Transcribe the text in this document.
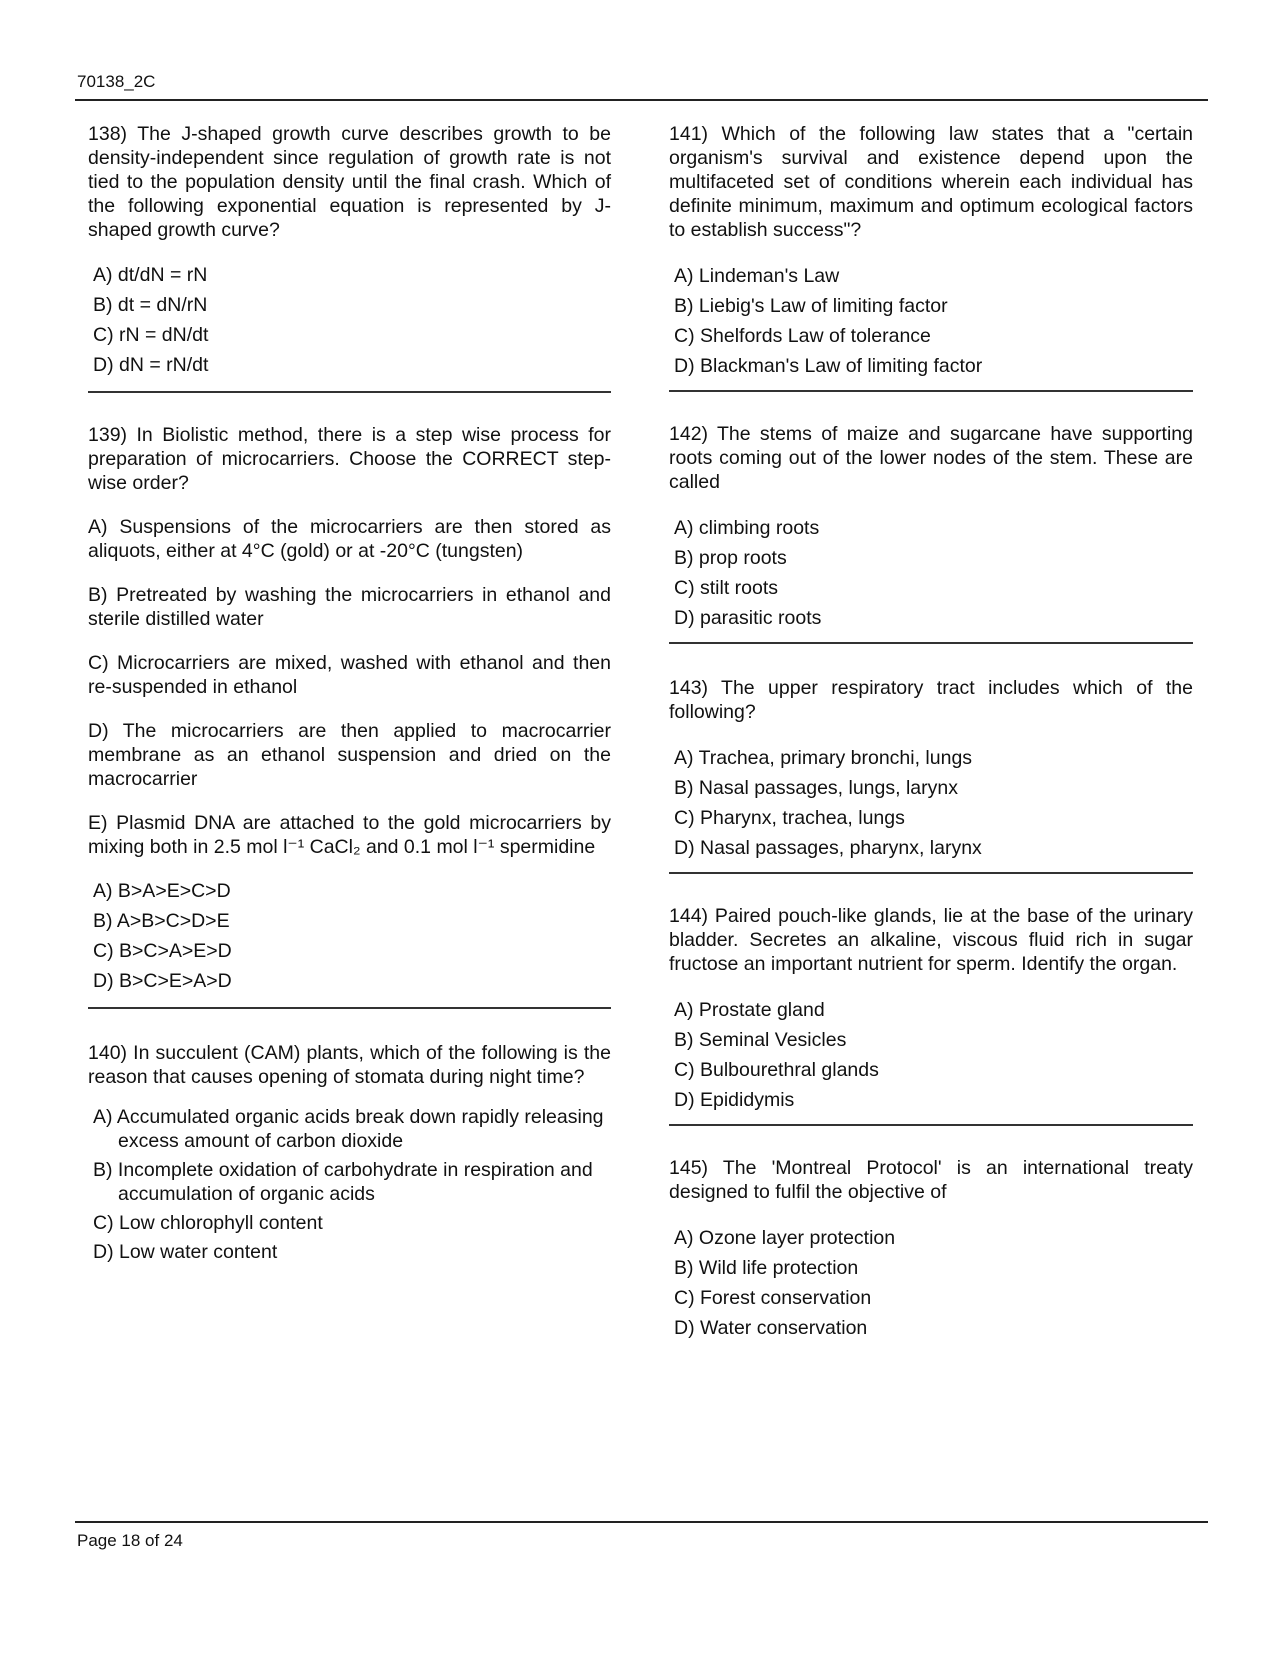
70138_2C

138) The J-shaped growth curve describes growth to be density-independent since regulation of growth rate is not tied to the population density until the final crash. Which of the following exponential equation is represented by J-shaped growth curve?

A) dt/dN = rN
B) dt = dN/rN
C) rN = dN/dt
D) dN = rN/dt

139) In Biolistic method, there is a step wise process for preparation of microcarriers. Choose the CORRECT step-wise order?

A) Suspensions of the microcarriers are then stored as aliquots, either at 4°C (gold) or at -20°C (tungsten)

B) Pretreated by washing the microcarriers in ethanol and sterile distilled water

C) Microcarriers are mixed, washed with ethanol and then re-suspended in ethanol

D) The microcarriers are then applied to macrocarrier membrane as an ethanol suspension and dried on the macrocarrier

E) Plasmid DNA are attached to the gold microcarriers by mixing both in 2.5 mol l⁻¹ CaCl₂ and 0.1 mol l⁻¹ spermidine

A) B>A>E>C>D
B) A>B>C>D>E
C) B>C>A>E>D
D) B>C>E>A>D

140) In succulent (CAM) plants, which of the following is the reason that causes opening of stomata during night time?

A) Accumulated organic acids break down rapidly releasing excess amount of carbon dioxide
B) Incomplete oxidation of carbohydrate in respiration and accumulation of organic acids
C) Low chlorophyll content
D) Low water content

141) Which of the following law states that a "certain organism's survival and existence depend upon the multifaceted set of conditions wherein each individual has definite minimum, maximum and optimum ecological factors to establish success"?

A) Lindeman's Law
B) Liebig's Law of limiting factor
C) Shelfords Law of tolerance
D) Blackman's Law of limiting factor

142) The stems of maize and sugarcane have supporting roots coming out of the lower nodes of the stem. These are called

A) climbing roots
B) prop roots
C) stilt roots
D) parasitic roots

143) The upper respiratory tract includes which of the following?

A) Trachea, primary bronchi, lungs
B) Nasal passages, lungs, larynx
C) Pharynx, trachea, lungs
D) Nasal passages, pharynx, larynx

144) Paired pouch-like glands, lie at the base of the urinary bladder. Secretes an alkaline, viscous fluid rich in sugar fructose an important nutrient for sperm. Identify the organ.

A) Prostate gland
B) Seminal Vesicles
C) Bulbourethral glands
D) Epididymis

145) The 'Montreal Protocol' is an international treaty designed to fulfil the objective of

A) Ozone layer protection
B) Wild life protection
C) Forest conservation
D) Water conservation
Page 18 of 24
